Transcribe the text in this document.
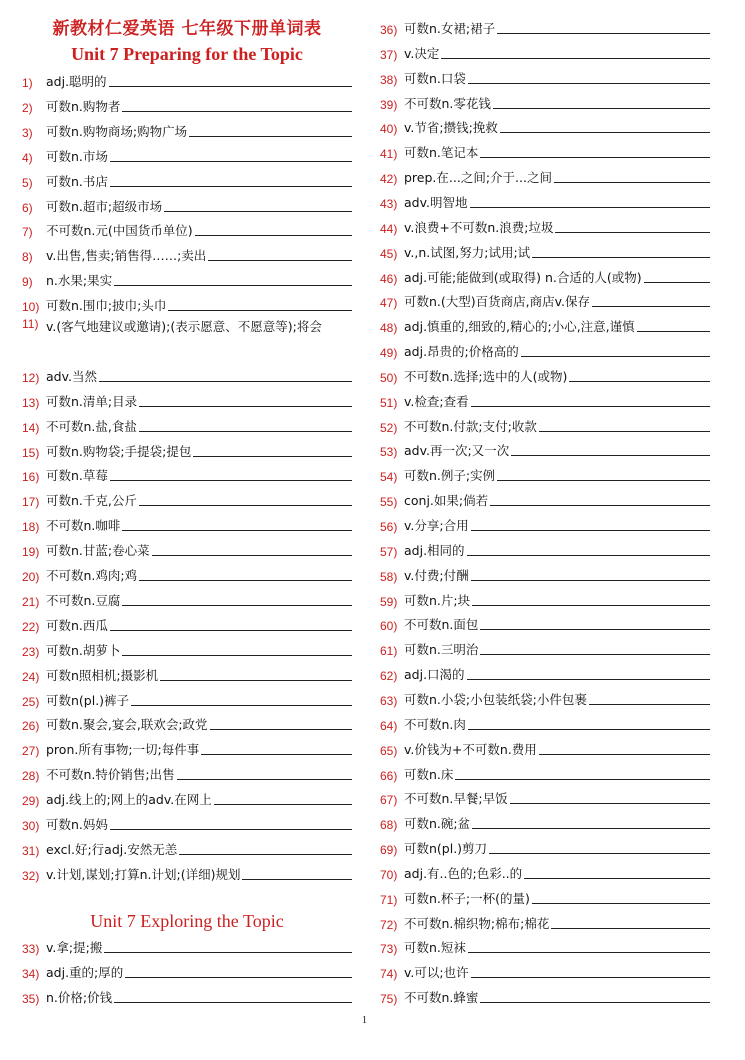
新教材仁爱英语 七年级下册单词表
Unit 7 Preparing for the Topic
Unit 7 Exploring the Topic
1)	adj.聪明的
2)	可数n.购物者
3)	可数n.购物商场;购物广场
4)	可数n.市场
5)	可数n.书店
6)	可数n.超市;超级市场
7)	不可数n.元(中国货币单位)
8)	v.出售,售卖;销售得……;卖出
9)	n.水果;果实
10) 可数n.围巾;披巾;头巾
11) v.(客气地建议或邀请);(表示愿意、不愿意等);将会
12) adv.当然
13) 可数n.清单;目录
14) 不可数n.盐,食盐
15) 可数n.购物袋;手提袋;提包
16) 可数n.草莓
17) 可数n.千克,公斤
18) 不可数n.咖啡
19) 可数n.甘蓝;卷心菜
20) 不可数n.鸡肉;鸡
21) 不可数n.豆腐
22) 可数n.西瓜
23) 可数n.胡萝卜
24) 可数n照相机;摄影机
25) 可数n(pl.)裤子
26) 可数n.聚会,宴会,联欢会;政党
27) pron.所有事物;一切;每件事
28) 不可数n.特价销售;出售
29) adj.线上的;网上的adv.在网上
30) 可数n.妈妈
31) excl.好;行adj.安然无恙
32) v.计划,谋划;打算n.计划;(详细)规划
33) v.拿;提;搬
34) adj.重的;厚的
35) n.价格;价钱
36) 可数n.女裙;裙子
37) v.决定
38) 可数n.口袋
39) 不可数n.零花钱
40) v.节省;攒钱;挽救
41) 可数n.笔记本
42) prep.在...之间;介于...之间
43) adv.明智地
44) v.浪费+不可数n.浪费;垃圾
45) v.,n.试图,努力;试用;试
46) adj.可能;能做到(或取得) n.合适的人(或物)
47) 可数n.(大型)百货商店,商店v.保存
48) adj.慎重的,细致的,精心的;小心,注意,谨慎
49) adj.昂贵的;价格高的
50) 不可数n.选择;选中的人(或物)
51) v.检查;查看
52) 不可数n.付款;支付;收款
53) adv.再一次;又一次
54) 可数n.例子;实例
55) conj.如果;倘若
56) v.分享;合用
57) adj.相同的
58) v.付费;付酬
59) 可数n.片;块
60) 不可数n.面包
61) 可数n.三明治
62) adj.口渴的
63) 可数n.小袋;小包装纸袋;小件包裹
64) 不可数n.肉
65) v.价钱为+不可数n.费用
66) 可数n.床
67) 不可数n.早餐;早饭
68) 可数n.碗;盆
69) 可数n(pl.)剪刀
70) adj.有..色的;色彩..的
71) 可数n.杯子;一杯(的量)
72) 不可数n.棉织物;棉布;棉花
73) 可数n.短袜
74) v.可以;也许
75) 不可数n.蜂蜜
1
